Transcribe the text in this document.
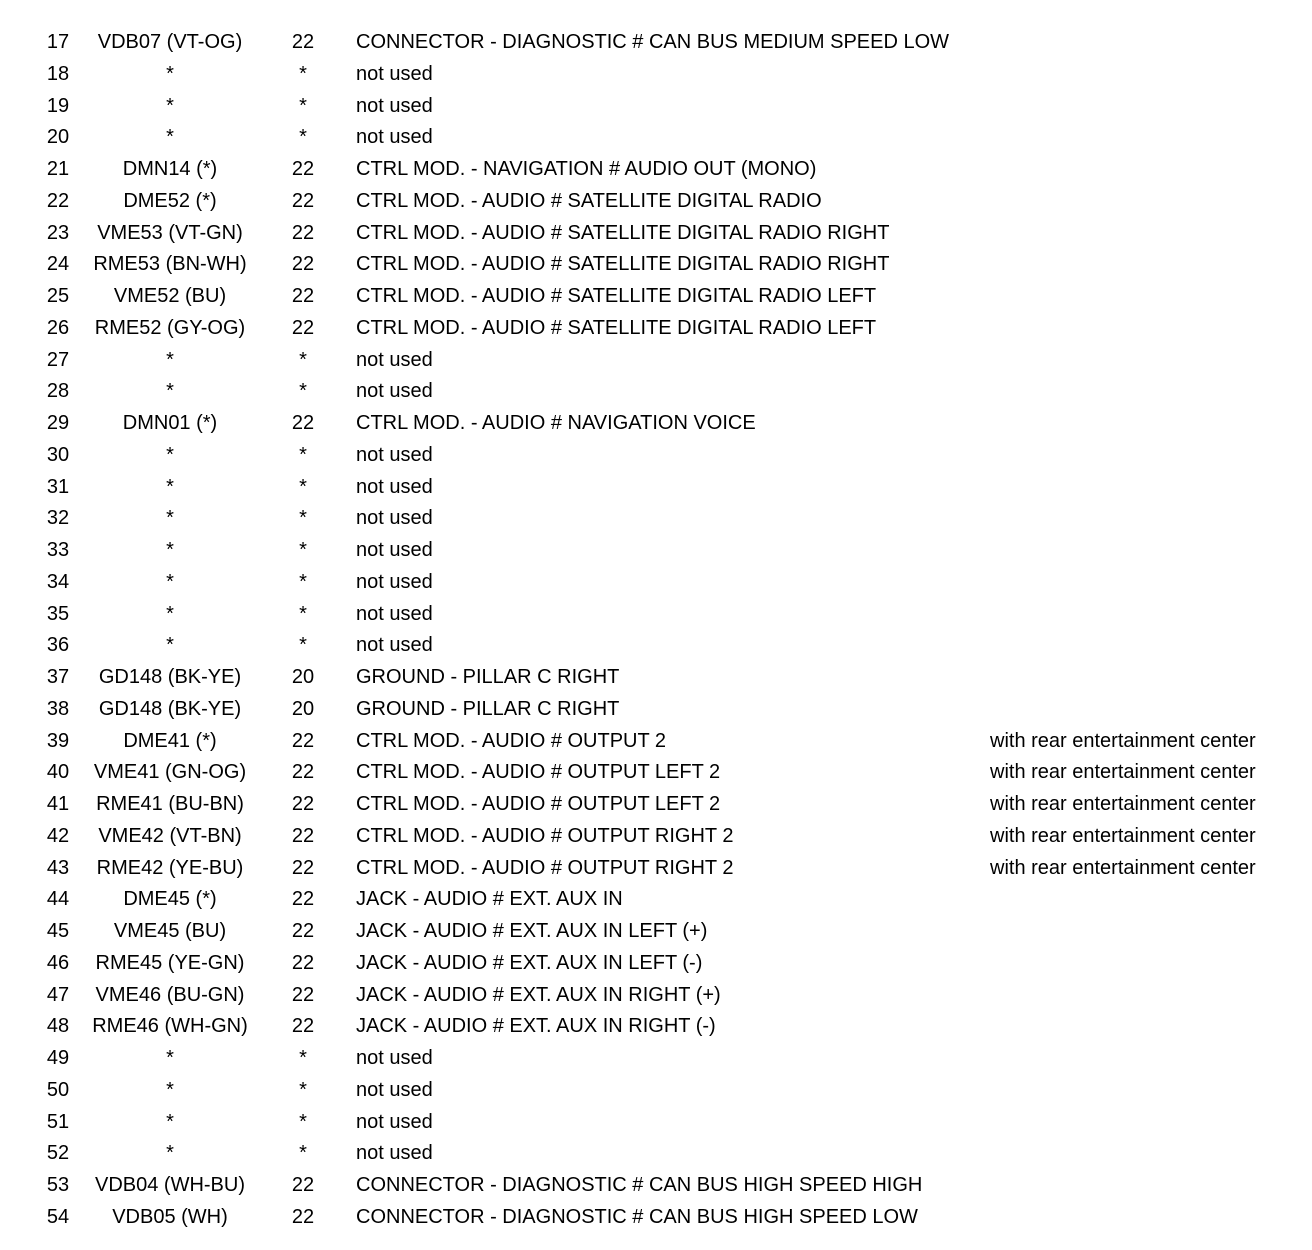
17	VDB07 (VT-OG)	22	CONNECTOR - DIAGNOSTIC # CAN BUS MEDIUM SPEED LOW
18	*	*	not used
19	*	*	not used
20	*	*	not used
21	DMN14 (*)	22	CTRL MOD. - NAVIGATION # AUDIO OUT (MONO)
22	DME52 (*)	22	CTRL MOD. - AUDIO # SATELLITE DIGITAL RADIO
23	VME53 (VT-GN)	22	CTRL MOD. - AUDIO # SATELLITE DIGITAL RADIO RIGHT
24	RME53 (BN-WH)	22	CTRL MOD. - AUDIO # SATELLITE DIGITAL RADIO RIGHT
25	VME52 (BU)	22	CTRL MOD. - AUDIO # SATELLITE DIGITAL RADIO LEFT
26	RME52 (GY-OG)	22	CTRL MOD. - AUDIO # SATELLITE DIGITAL RADIO LEFT
27	*	*	not used
28	*	*	not used
29	DMN01 (*)	22	CTRL MOD. - AUDIO # NAVIGATION VOICE
30	*	*	not used
31	*	*	not used
32	*	*	not used
33	*	*	not used
34	*	*	not used
35	*	*	not used
36	*	*	not used
37	GD148 (BK-YE)	20	GROUND - PILLAR C RIGHT
38	GD148 (BK-YE)	20	GROUND - PILLAR C RIGHT
39	DME41 (*)	22	CTRL MOD. - AUDIO # OUTPUT 2	with rear entertainment center
40	VME41 (GN-OG)	22	CTRL MOD. - AUDIO # OUTPUT LEFT 2	with rear entertainment center
41	RME41 (BU-BN)	22	CTRL MOD. - AUDIO # OUTPUT LEFT 2	with rear entertainment center
42	VME42 (VT-BN)	22	CTRL MOD. - AUDIO # OUTPUT RIGHT 2	with rear entertainment center
43	RME42 (YE-BU)	22	CTRL MOD. - AUDIO # OUTPUT RIGHT 2	with rear entertainment center
44	DME45 (*)	22	JACK - AUDIO # EXT. AUX IN
45	VME45 (BU)	22	JACK - AUDIO # EXT. AUX IN LEFT (+)
46	RME45 (YE-GN)	22	JACK - AUDIO # EXT. AUX IN LEFT (-)
47	VME46 (BU-GN)	22	JACK - AUDIO # EXT. AUX IN RIGHT (+)
48	RME46 (WH-GN)	22	JACK - AUDIO # EXT. AUX IN RIGHT (-)
49	*	*	not used
50	*	*	not used
51	*	*	not used
52	*	*	not used
53	VDB04 (WH-BU)	22	CONNECTOR - DIAGNOSTIC # CAN BUS HIGH SPEED HIGH
54	VDB05 (WH)	22	CONNECTOR - DIAGNOSTIC # CAN BUS HIGH SPEED LOW
